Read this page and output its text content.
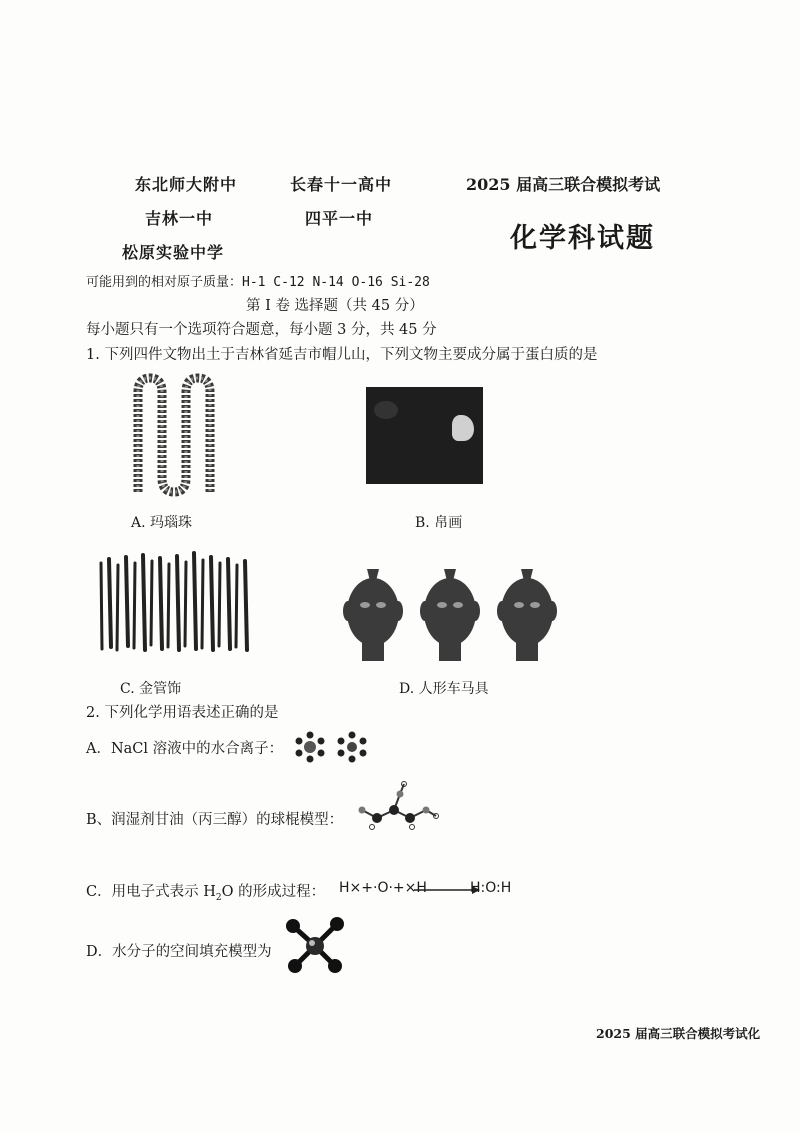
东北师大附中	长春十一高中	2025 届高三联合模拟考试
吉林一中	四平一中
化学科试题
松原实验中学
可能用到的相对原子质量：H-1 C-12 N-14 O-16 Si-28
第 I 卷 选择题（共 45 分）
每小题只有一个选项符合题意，每小题 3 分，共 45 分
1. 下列四件文物出土于吉林省延吉市帽儿山，下列文物主要成分属于蛋白质的是
A. 玛瑙珠	B. 帛画
C. 金管饰	D. 人形车马具
2. 下列化学用语表述正确的是
A．NaCl 溶液中的水合离子：
B、润湿剂甘油（丙三醇）的球棍模型：
C．用电子式表示 $H_2O$ 的形成过程： H×+·O·+×H	H:O:H
D．水分子的空间填充模型为
2025 届高三联合模拟考试化
